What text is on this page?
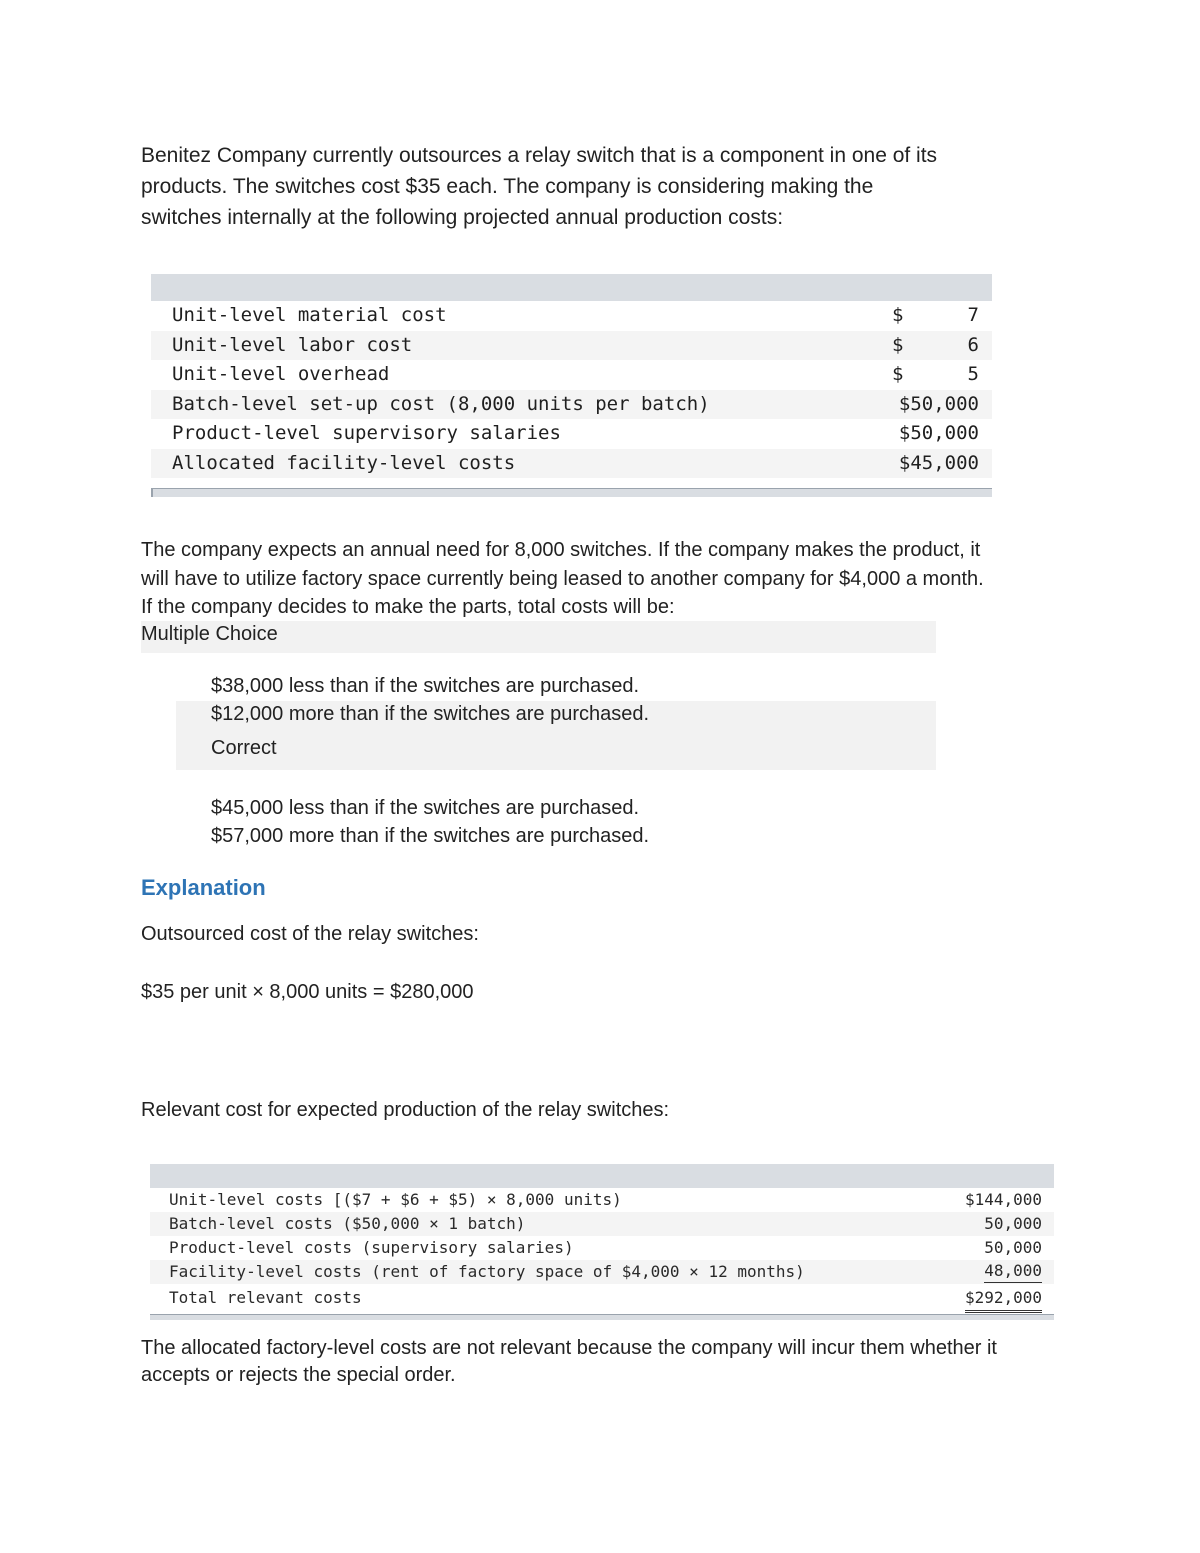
Benitez Company currently outsources a relay switch that is a component in one of its

products. The switches cost $35 each. The company is considering making the

switches internally at the following projected annual production costs:

Unit-level material cost	$	7
Unit-level labor cost	$	6
Unit-level overhead	$	5
Batch-level set-up cost (8,000 units per batch)	$50,000
Product-level supervisory salaries	$50,000
Allocated facility-level costs	$45,000

The company expects an annual need for 8,000 switches. If the company makes the product, it

will have to utilize factory space currently being leased to another company for $4,000 a month.

If the company decides to make the parts, total costs will be:

Multiple Choice
$38,000 less than if the switches are purchased.
$12,000 more than if the switches are purchased.
Correct
$45,000 less than if the switches are purchased.
$57,000 more than if the switches are purchased.
Explanation

Outsourced cost of the relay switches:

$35 per unit × 8,000 units = $280,000

Relevant cost for expected production of the relay switches:

Unit-level costs [($7 + $6 + $5) × 8,000 units)	$144,000
Batch-level costs ($50,000 × 1 batch)	50,000
Product-level costs (supervisory salaries)	50,000
Facility-level costs (rent of factory space of $4,000 × 12 months)	48,000
Total relevant costs	$292,000

The allocated factory-level costs are not relevant because the company will incur them whether it

accepts or rejects the special order.
